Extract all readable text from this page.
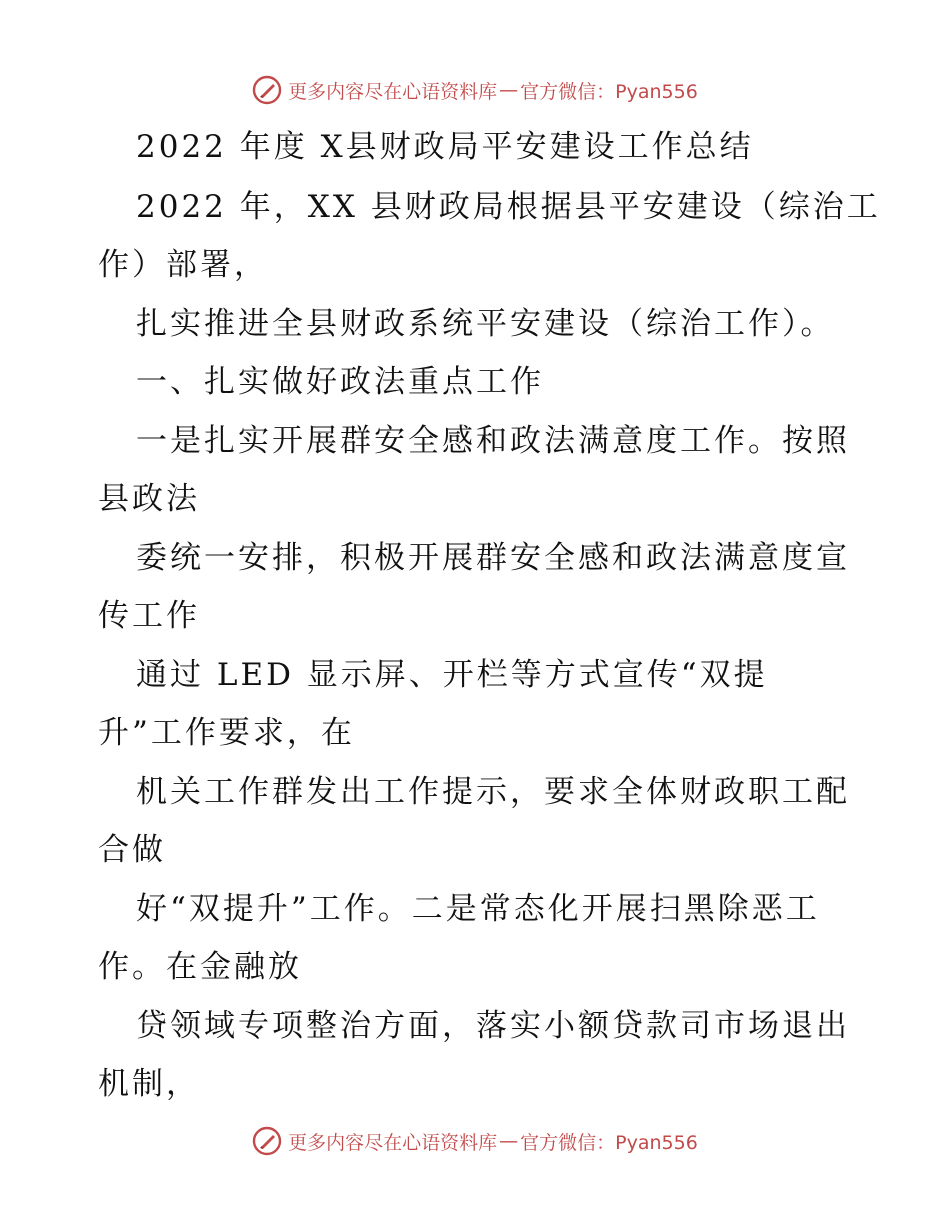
更多内容尽在心语资料库 — 官方微信：Pyan556
2022 年度 X县财政局平安建设工作总结
2022 年，XX 县财政局根据县平安建设（综治工
作）部署，
扎实推进全县财政系统平安建设（综治工作）。
一、扎实做好政法重点工作
一是扎实开展群安全感和政法满意度工作。按照
县政法
委统一安排，积极开展群安全感和政法满意度宣
传工作
通过 LED 显示屏、开栏等方式宣传“双提
升”工作要求，在
机关工作群发出工作提示，要求全体财政职工配
合做
好“双提升”工作。二是常态化开展扫黑除恶工
作。在金融放
贷领域专项整治方面，落实小额贷款司市场退出
机制，
更多内容尽在心语资料库 — 官方微信：Pyan556
